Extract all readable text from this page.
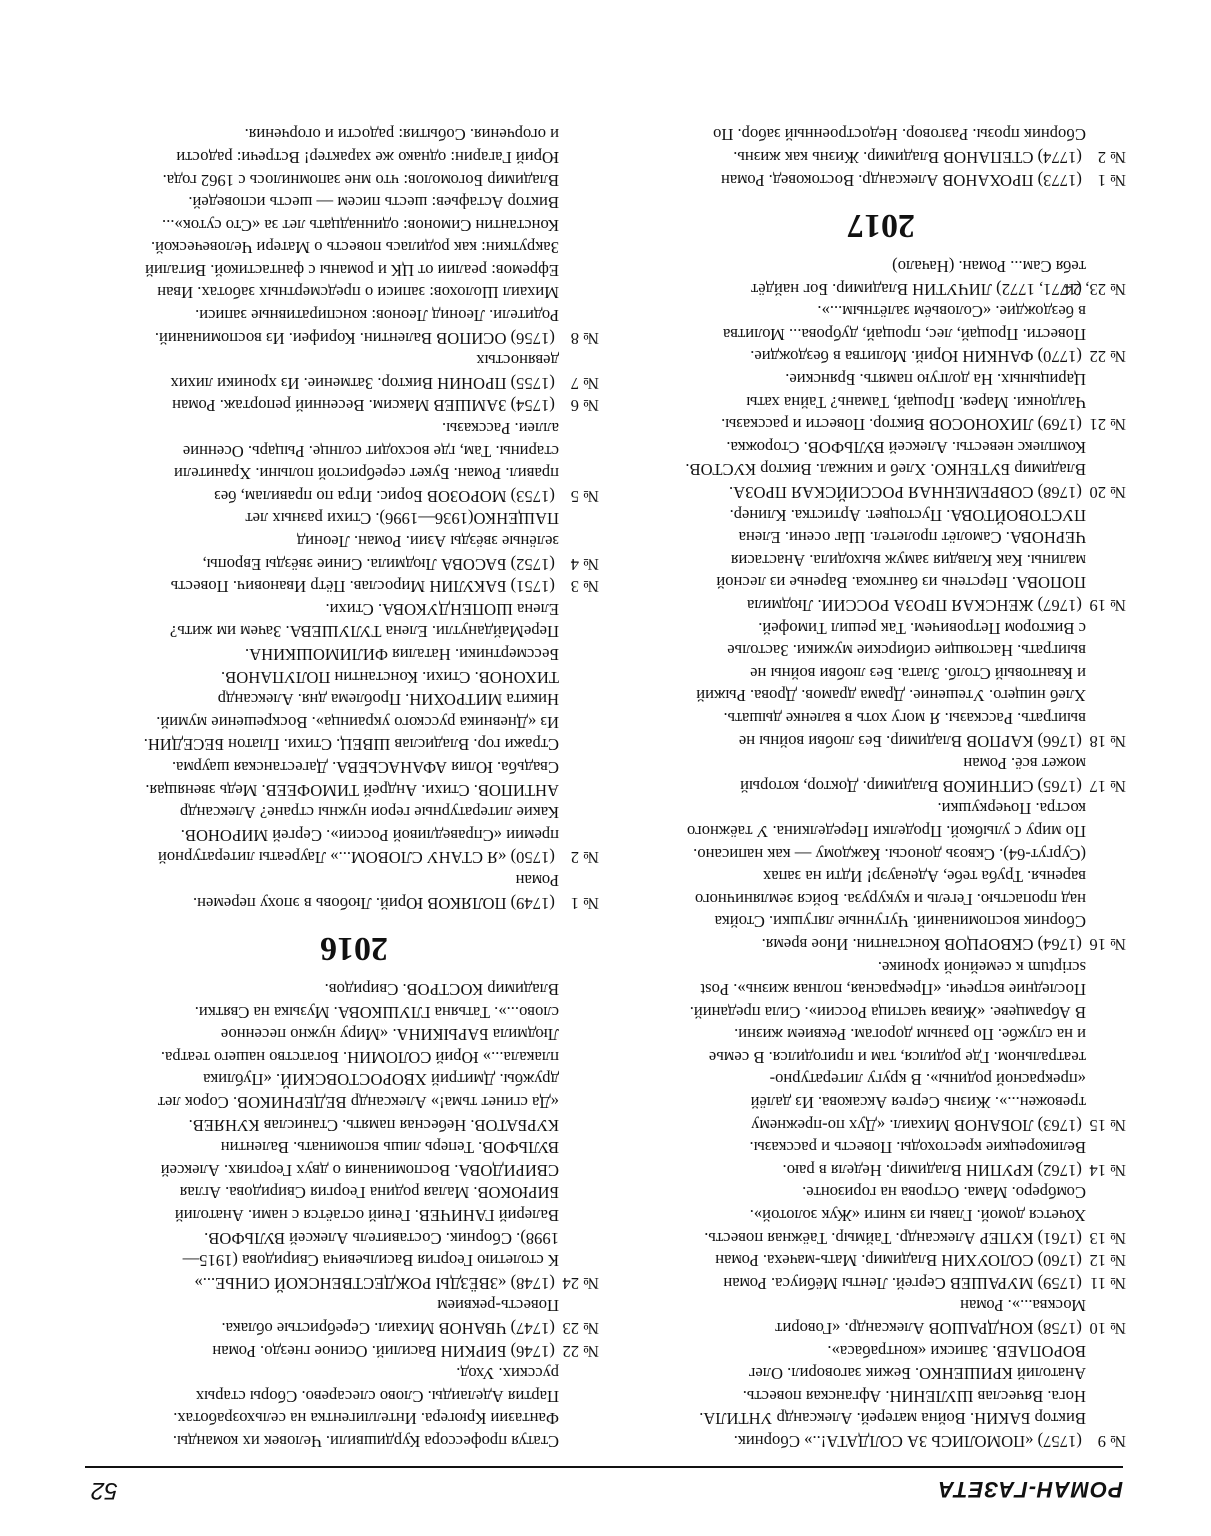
РОМАН-ГАЗЕТА
52
№ 9 (1757) «ПОМОЛИСЬ ЗА СОЛДАТА!..» Сборник.
Виктор БАКИН. Война матерей. Александр УНТИЛА.
Нога. Вячеслав ШУЛЕНИН. Афганская повесть.
Анатолий КРИШЕНКО. Бежик заговорил. Олег
ВОРОПАЕВ. Записки «контрабаса».
№ 10 (1758) КОНДРАШОВ Александр. «Говорит
Москва...». Роман
№ 11 (1759) МУРАШЕВ Сергей. Ленты Мёбиуса. Роман
№ 12 (1760) СОЛОУХИН Владимир. Мать-мачеха. Роман
№ 13 (1761) КУПЕР Александр. Таймыр. Таёжная повесть.
Хочется домой. Главы из книги «Жук золотой».
Сомбреро. Мама. Острова на горизонте.
№ 14 (1762) КРУПИН Владимир. Неделя в раю.
Великорецкие крестоходы. Повесть и рассказы.
№ 15 (1763) ЛОБАНОВ Михаил. «Дух по-прежнему
тревожен...». Жизнь Сергея Аксакова. Из далёй
«прекрасной родины». В кругу литературно-
театральном. Где родился, там и пригодился. В семье
и на службе. По разным дорогам. Реквием жизни.
В Абрамцеве. «Живая частица России». Сила преданий.
Последние встречи. «Прекрасная, полная жизнь». Post
scriptum к семейной хронике.
№ 16 (1764) СКВОРЦОВ Константин. Иное время.
Сборник воспоминаний. Чугунные лягушки. Стойка
над пропастью. Гегель и кукуруза. Бойся земляничного
варенья. Труба тебе, Аденауэр! Идти на запах
(Сургут-64). Сквозь доносы. Каждому — как написано.
По миру с улыбкой. Проделки Переделкина. У таёжного
костра. Почеркушки.
№ 17 (1765) СИТНИКОВ Владимир. Доктор, который
может всё. Роман
№ 18 (1766) КАРПОВ Владимир. Без любви войны не
выиграть. Рассказы. Я могу хоть в валенке дышать.
Хлеб нищего. Утешение. Драма драмов. Дрова. Рыжий
и Квантовый Столб. Злата. Без любви войны не
выиграть. Настоящие сибирские мужики. Застолье
с Виктором Петровичем. Так решил Тимофей.
№ 19 (1767) ЖЕНСКАЯ ПРОЗА РОССИИ. Людмила
ПОПОВА. Перстень из бангкока. Варенье из лесной
малины. Как Клавдия замуж выходила. Анастасия
ЧЕРНОВА. Самолёт пролетел. Шаг осени. Елена
ПУСТОВОЙТОВА. Пустоцвет. Артистка. Клинер.
№ 20 (1768) СОВРЕМЕННАЯ РОССИЙСКАЯ ПРОЗА.
Владимир БУТЕНКО. Хлеб и кинжал. Виктор КУСТОВ.
Комплекс невесты. Алексей ВУЛЬФОВ. Сторожка.
№ 21 (1769) ЛИХОНОСОВ Виктор. Повести и рассказы.
Чалдонки. Марея. Прощай, Тамань? Тайна хаты
Царицыных. На долгую память. Брянские.
№ 22 (1770) ФАНКИН Юрий. Молитва в бездождие.
Повести. Прощай, лес, прощай, дуброва... Молитва
в бездождие. «Соловьём залётным...».
№ 23, 24 (1771, 1772) ЛИЧУТИН Владимир. Бог найдёт
тебя Сам... Роман. (Начало)
2017
№ 1 (1773) ПРОХАНОВ Александр. Востоковед. Роман
№ 2 (1774) СТЕПАНОВ Владимир. Жизнь как жизнь.
Сборник прозы. Разговор. Недостроенный забор. По
Статуя профессора Курдишвили. Человек их команды.
Фантазии Крюгера. Интеллигентка на сельхозработах.
Партия Аделаиды. Слово слесарево. Сборы старых
русских. Уход.
№ 22 (1746) БИРКИН Василий. Осиное гнездо. Роман
№ 23 (1747) ЧВАНОВ Михаил. Серебристые облака.
Повесть-реквием
№ 24 (1748) «ЗВЁЗДЫ РОЖДЕСТВЕНСКОЙ СИНЬЕ...»
К столетию Георгия Васильевича Свиридова (1915—
1998). Сборник. Составитель Алексей ВУЛЬФОВ.
Валерий ГАНИЧЕВ. Гений остаётся с нами. Анатолий
БИРЮКОВ. Малая родина Георгия Свиридова. Аглая
СВИРИДОВА. Воспоминания о двух Георгиях. Алексей
ВУЛЬФОВ. Теперь лишь вспоминать. Валентин
КУРБАТОВ. Небесная память. Станислав КУНЯЕВ.
«Да сгинет тьма!» Александр ВЕДЕРНИКОВ. Сорок лет
дружбы. Дмитрий ХВОРОСТОВСКИЙ. «Публика
плакала...» Юрий СОЛОМИН. Богатство нашего театра.
Людмила БАРЫКИНА. «Миру нужно песенное
слово...». Татьяна ГЛУШКОВА. Музыка на Святки.
Владимир КОСТРОВ. Свиридов.
2016
№ 1 (1749) ПОЛЯКОВ Юрий. Любовь в эпоху перемен.
Роман
№ 2 (1750) «Я СТАНУ СЛОВОМ...» Лауреаты литературной
премии «Справедливой России». Сергей МИРОНОВ.
Какие литературные герои нужны стране? Александр
АНТИПОВ. Стихи. Андрей ТИМОФЕЕВ. Медь звенящая.
Свадьба. Юлия АФАНАСЬЕВА. Дагестанская шаурма.
Стражи гор. Владислав ШВЕЦ. Стихи. Платон БЕСЕДИН.
Из «Дневника русского украинца». Воскрешение мумий.
Никита МИТРОХИН. Проблема дня. Александр
ТИХОНОВ. Стихи. Константин ПОЛУПАНОВ.
Бессмертники. Наталия ФИЛИМОШКИНА.
ПереМайданутли. Елена ТУЛУШЕВА. Зачем им жить?
Елена ШОПЕНДУКОВА. Стихи.
№ 3 (1751) БАКУЛИН Мирослав. Пётр Иванович. Повесть
№ 4 (1752) БАСОВА Людмила. Синие звёзды Европы,
зелёные звёзды Азии. Роман. Леонид
ПАЩЕНКО(1936—1996). Стихи разных лет
№ 5 (1753) МОРОЗОВ Борис. Игра по правилам, без
правил. Роман. Букет серебристой полыни. Хранители
старины. Там, где восходит солнце. Рыцарь. Осенние
аллеи. Рассказы.
№ 6 (1754) ЗАМШЕВ Максим. Весенний репортаж. Роман
№ 7 (1755) ПРОНИН Виктор. Затмение. Из хроники лихих
девяностых
№ 8 (1756) ОСИПОВ Валентин. Корифеи. Из воспоминаний.
Родители. Леонид Леонов: конспиративные записи.
Михаил Шолохов: записи о предсмертных заботах. Иван
Ефремов: реалии от ЦК и романы с фантастикой. Виталий
Закруткин: как родилась повесть о Матери Человеческой.
Константин Симонов: одиннадцать лет за «Сто суток»...
Виктор Астафьев: шесть писем — шесть исповедей.
Владимир Богомолов: что мне запомнилось с 1962 года.
Юрий Гагарин: однако же характер! Встречи: радости
и огорчения. События: радости и огорчения.
